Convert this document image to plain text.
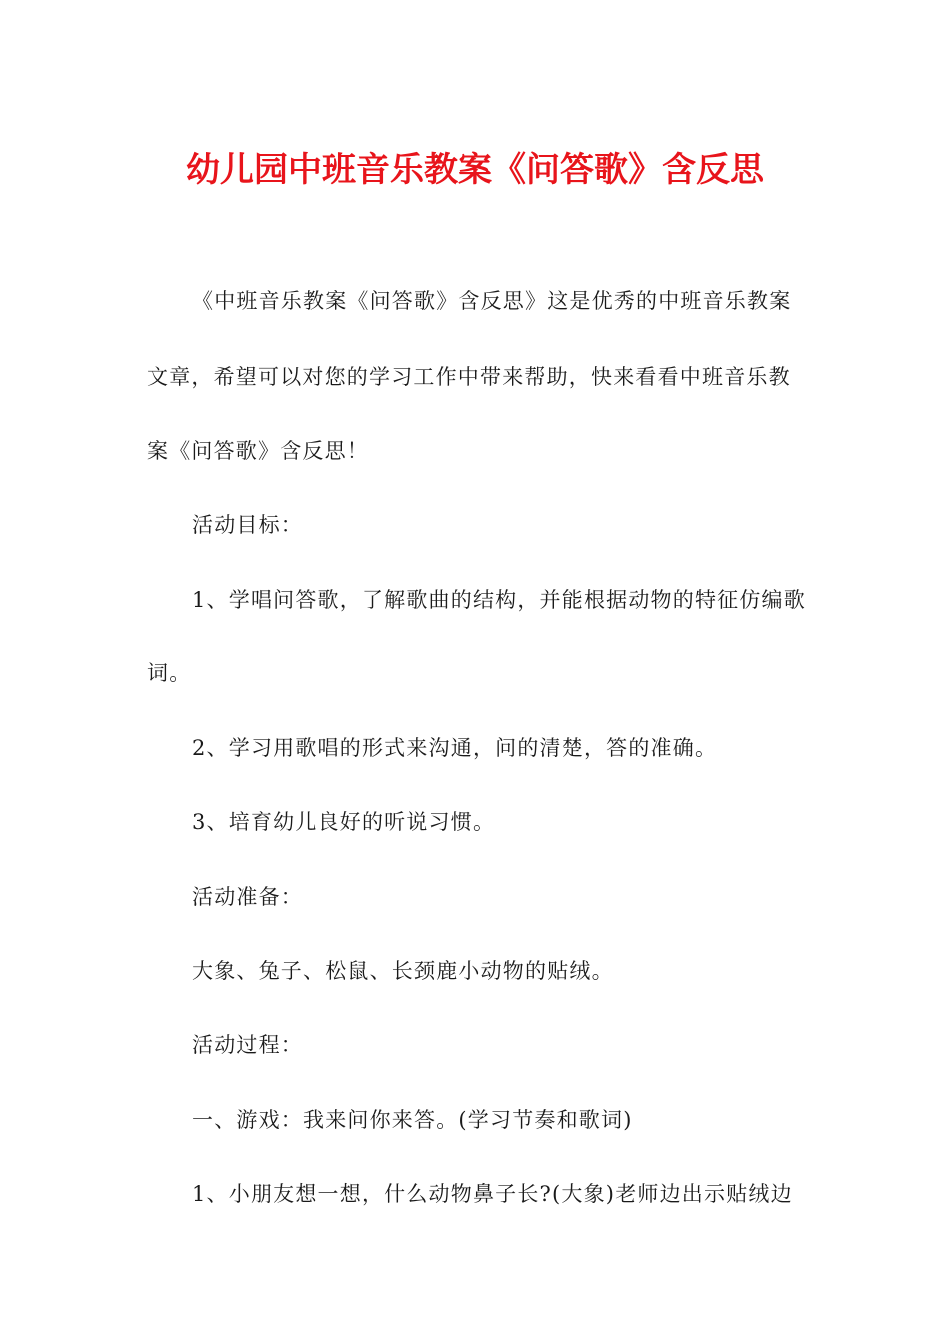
幼儿园中班音乐教案《问答歌》含反思
《中班音乐教案《问答歌》含反思》这是优秀的中班音乐教案
文章，希望可以对您的学习工作中带来帮助，快来看看中班音乐教
案《问答歌》含反思！
活动目标：
1、学唱问答歌，了解歌曲的结构，并能根据动物的特征仿编歌
词。
2、学习用歌唱的形式来沟通，问的清楚，答的准确。
3、培育幼儿良好的听说习惯。
活动准备：
大象、兔子、松鼠、长颈鹿小动物的贴绒。
活动过程：
一、游戏：我来问你来答。(学习节奏和歌词)
1、小朋友想一想，什么动物鼻子长?(大象)老师边出示贴绒边
